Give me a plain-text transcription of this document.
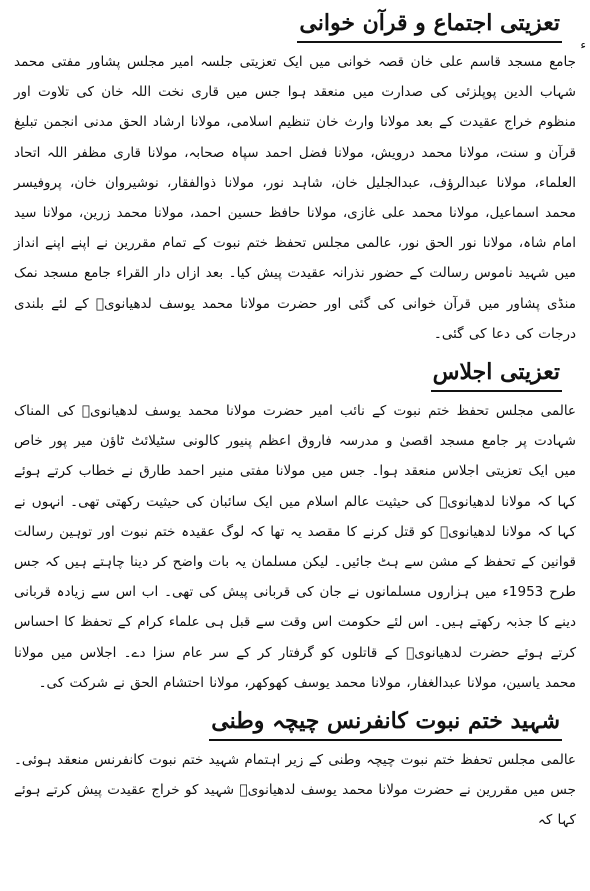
ء
تعزیتی اجتماع و قرآن خوانی

جامع مسجد قاسم علی خان قصہ خوانی میں ایک تعزیتی جلسہ امیر مجلس پشاور مفتی محمد شہاب الدین پوپلزئی کی صدارت میں منعقد ہوا جس میں قاری نخت اللہ خان کی تلاوت اور منظوم خراج عقیدت کے بعد مولانا وارث خان تنظیم اسلامی، مولانا ارشاد الحق مدنی انجمن تبلیغ قرآن و سنت، مولانا محمد درویش، مولانا فضل احمد سپاہ صحابہ، مولانا قاری مظفر اللہ اتحاد العلماء، مولانا عبدالرؤف، عبدالجلیل خان، شاہد نور، مولانا ذوالفقار، نوشیروان خان، پروفیسر محمد اسماعیل، مولانا محمد علی غازی، مولانا حافظ حسین احمد، مولانا محمد زرین، مولانا سید امام شاہ، مولانا نور الحق نور، عالمی مجلس تحفظ ختم نبوت کے تمام مقررین نے اپنے اپنے انداز میں شہید ناموس رسالت کے حضور نذرانہ عقیدت پیش کیا۔ بعد ازاں دار القراء جامع مسجد نمک منڈی پشاور میں قرآن خوانی کی گئی اور حضرت مولانا محمد یوسف لدھیانویؒ کے لئے بلندی درجات کی دعا کی گئی۔

تعزیتی اجلاس

عالمی مجلس تحفظ ختم نبوت کے نائب امیر حضرت مولانا محمد یوسف لدھیانویؒ کی المناک شہادت پر جامع مسجد اقصیٰ و مدرسہ فاروق اعظم پنیور کالونی سٹیلائٹ ٹاؤن میر پور خاص میں ایک تعزیتی اجلاس منعقد ہوا۔ جس میں مولانا مفتی منیر احمد طارق نے خطاب کرتے ہوئے کہا کہ مولانا لدھیانویؒ کی حیثیت عالم اسلام میں ایک سائبان کی حیثیت رکھتی تھی۔ انہوں نے کہا کہ مولانا لدھیانویؒ کو قتل کرنے کا مقصد یہ تھا کہ لوگ عقیدہ ختم نبوت اور توہین رسالت قوانین کے تحفظ کے مشن سے ہٹ جائیں۔ لیکن مسلمان یہ بات واضح کر دینا چاہتے ہیں کہ جس طرح 1953ء میں ہزاروں مسلمانوں نے جان کی قربانی پیش کی تھی۔ اب اس سے زیادہ قربانی دینے کا جذبہ رکھتے ہیں۔ اس لئے حکومت اس وقت سے قبل ہی علماء کرام کے تحفظ کا احساس کرتے ہوئے حضرت لدھیانویؒ کے قاتلوں کو گرفتار کر کے سر عام سزا دے۔ اجلاس میں مولانا محمد یاسین، مولانا عبدالغفار، مولانا محمد یوسف کھوکھر، مولانا احتشام الحق نے شرکت کی۔

شہید ختم نبوت کانفرنس چیچہ وطنی

عالمی مجلس تحفظ ختم نبوت چیچہ وطنی کے زیر اہتمام شہید ختم نبوت کانفرنس منعقد ہوئی۔ جس میں مقررین نے حضرت مولانا محمد یوسف لدھیانویؒ شہید کو خراج عقیدت پیش کرتے ہوئے کہا کہ
